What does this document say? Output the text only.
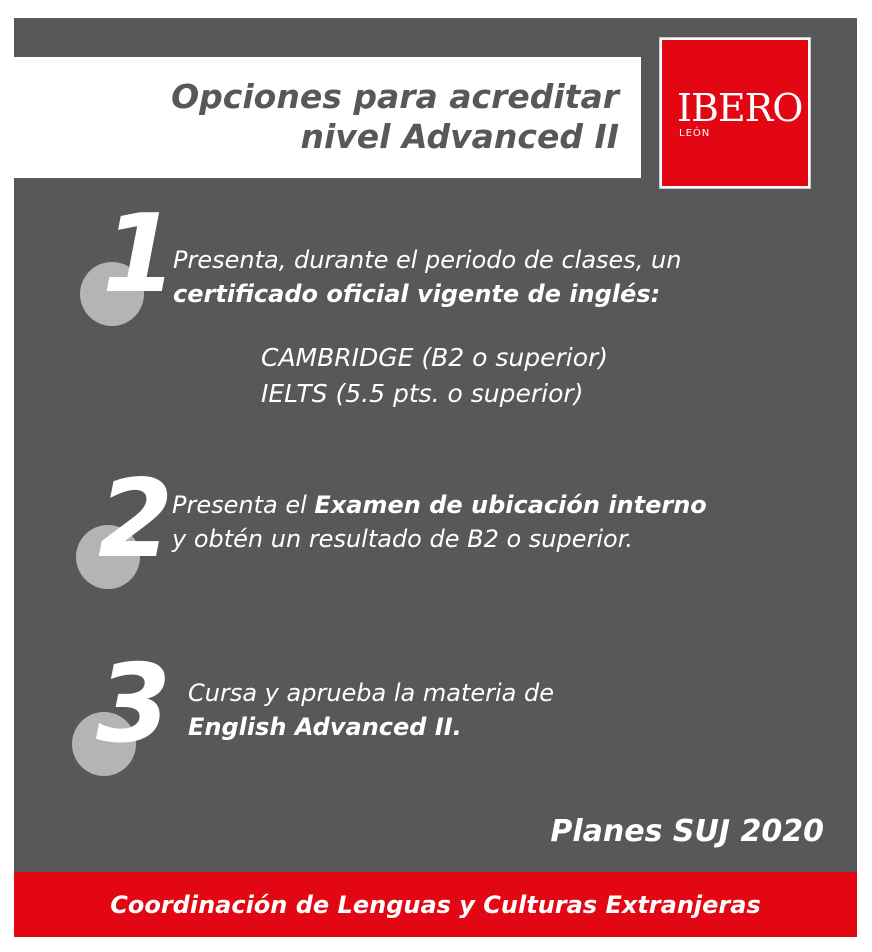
Opciones para acreditar
nivel Advanced II
IBERO
LEÓN
1

Presenta, durante el periodo de clases, un
certificado oficial vigente de inglés:

CAMBRIDGE (B2 o superior)
IELTS (5.5 pts. o superior)
2

Presenta el Examen de ubicación interno
y obtén un resultado de B2 o superior.

3 Cursa y aprueba la materia de
English Advanced II.

Planes SUJ 2020
Coordinación de Lenguas y Culturas Extranjeras
